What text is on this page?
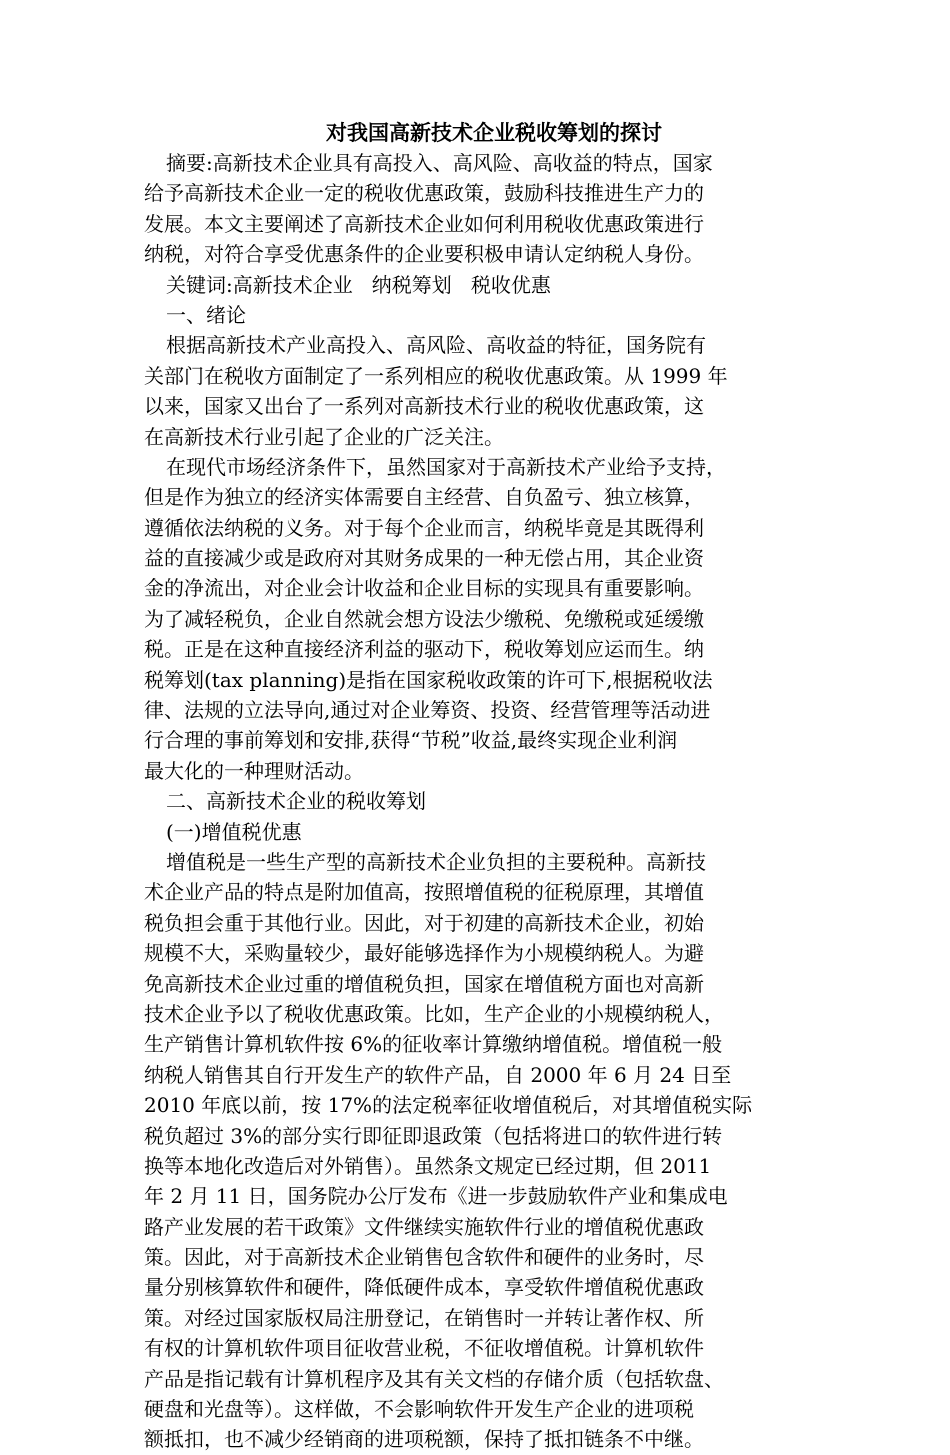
对我国高新技术企业税收筹划的探讨

摘要:高新技术企业具有高投入、高风险、高收益的特点，国家

给予高新技术企业一定的税收优惠政策，鼓励科技推进生产力的

发展。本文主要阐述了高新技术企业如何利用税收优惠政策进行

纳税，对符合享受优惠条件的企业要积极申请认定纳税人身份。

关键词:高新技术企业   纳税筹划   税收优惠

一、绪论

根据高新技术产业高投入、高风险、高收益的特征，国务院有

关部门在税收方面制定了一系列相应的税收优惠政策。从 1999 年

以来，国家又出台了一系列对高新技术行业的税收优惠政策，这

在高新技术行业引起了企业的广泛关注。

在现代市场经济条件下，虽然国家对于高新技术产业给予支持，

但是作为独立的经济实体需要自主经营、自负盈亏、独立核算，

遵循依法纳税的义务。对于每个企业而言，纳税毕竟是其既得利

益的直接减少或是政府对其财务成果的一种无偿占用，其企业资

金的净流出，对企业会计收益和企业目标的实现具有重要影响。

为了减轻税负，企业自然就会想方设法少缴税、免缴税或延缓缴

税。正是在这种直接经济利益的驱动下，税收筹划应运而生。纳

税筹划(tax planning)是指在国家税收政策的许可下,根据税收法

律、法规的立法导向,通过对企业筹资、投资、经营管理等活动进

行合理的事前筹划和安排,获得“节税”收益,最终实现企业利润

最大化的一种理财活动。

二、高新技术企业的税收筹划

(一)增值税优惠

增值税是一些生产型的高新技术企业负担的主要税种。高新技

术企业产品的特点是附加值高，按照增值税的征税原理，其增值

税负担会重于其他行业。因此，对于初建的高新技术企业，初始

规模不大，采购量较少，最好能够选择作为小规模纳税人。为避

免高新技术企业过重的增值税负担，国家在增值税方面也对高新

技术企业予以了税收优惠政策。比如，生产企业的小规模纳税人，

生产销售计算机软件按 6%的征收率计算缴纳增值税。增值税一般

纳税人销售其自行开发生产的软件产品，自 2000 年 6 月 24 日至

2010 年底以前，按 17%的法定税率征收增值税后，对其增值税实际

税负超过 3%的部分实行即征即退政策（包括将进口的软件进行转

换等本地化改造后对外销售）。虽然条文规定已经过期，但 2011

年 2 月 11 日，国务院办公厅发布《进一步鼓励软件产业和集成电

路产业发展的若干政策》文件继续实施软件行业的增值税优惠政

策。因此，对于高新技术企业销售包含软件和硬件的业务时，尽

量分别核算软件和硬件，降低硬件成本，享受软件增值税优惠政

策。对经过国家版权局注册登记，在销售时一并转让著作权、所

有权的计算机软件项目征收营业税，不征收增值税。计算机软件

产品是指记载有计算机程序及其有关文档的存储介质（包括软盘、

硬盘和光盘等）。这样做，不会影响软件开发生产企业的进项税

额抵扣，也不减少经销商的进项税额，保持了抵扣链条不中继。
